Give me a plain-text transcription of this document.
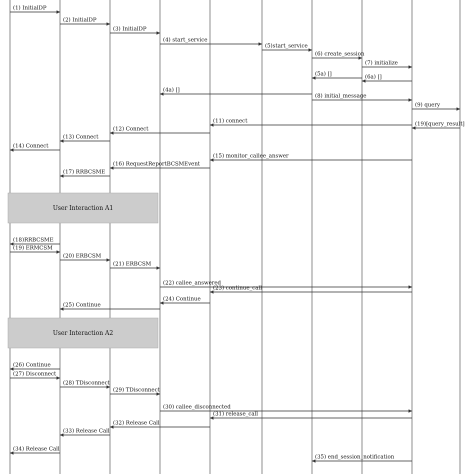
User Interaction A1
User Interaction A2
(1) InitialDP
(2) InitialDP
(3) InitialDP
(4) start_service
(5)start_service
(6) create_session
(7) initialize
(6a) []
(5a) []
(4a) []
(8) initial_message
(9) query
(19)[query_result]
(11) connect
(12) Connect
(13) Connect
(14) Connect
(15) monitor_callee_answer
(16) RequestReportBCSMEvent
(17) RRBCSME
(18)RRBCSME
(19) ERMCSM
(20) ERBCSM
(21) ERBCSM
(22) callee_answered
(23) continue_call
(24) Continue
(25) Continue
(26) Continue
(27) Disconnect
(28) TDisconnect
(29) TDisconnect
(30) callee_disconnected
(31) release_call
(32) Release Call
(33) Release Call
(34) Release Call
(35) end_session_notification
